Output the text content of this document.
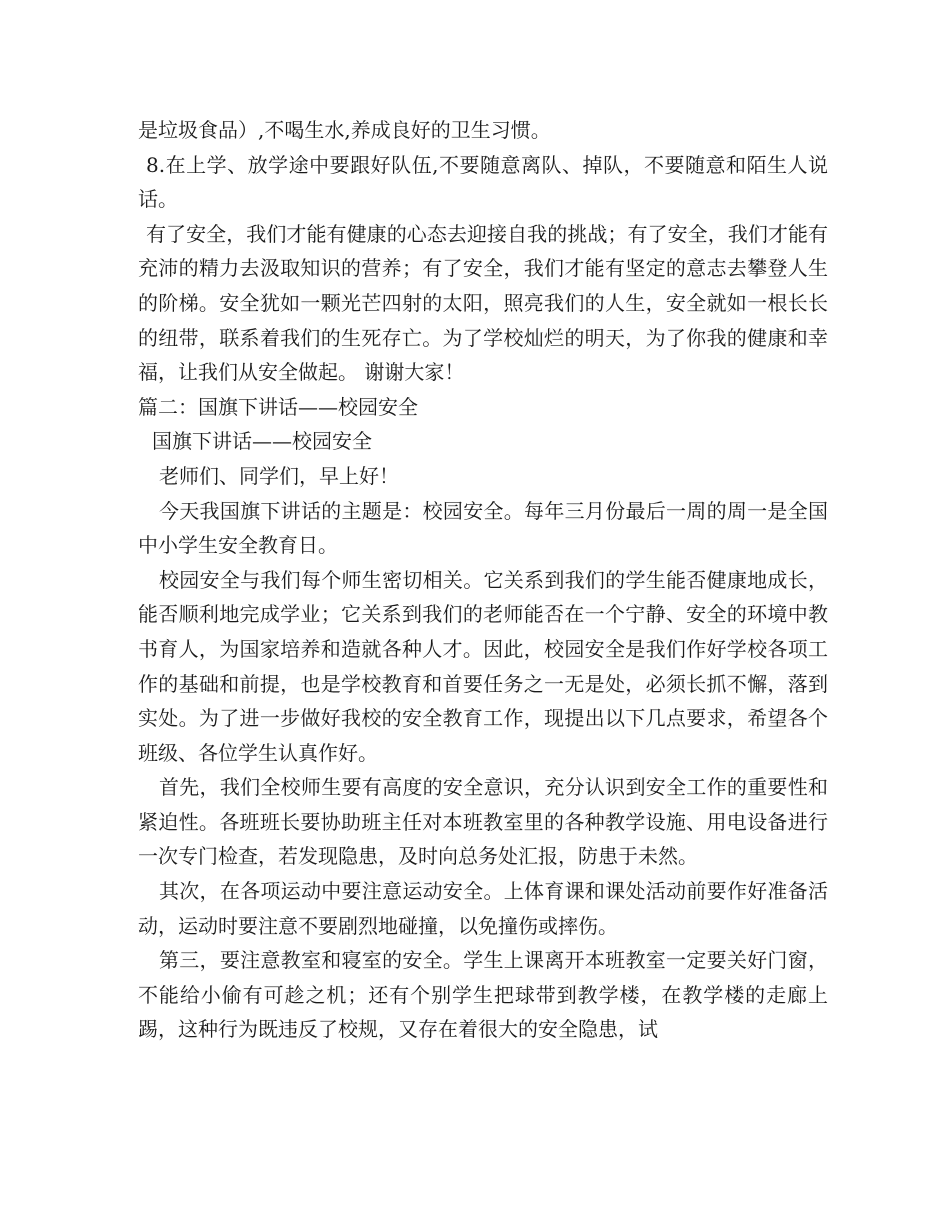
是垃圾食品）,不喝生水,养成良好的卫生习惯。

8.在上学、放学途中要跟好队伍,不要随意离队、掉队，不要随意和陌生人说话。

有了安全，我们才能有健康的心态去迎接自我的挑战；有了安全，我们才能有充沛的精力去汲取知识的营养；有了安全，我们才能有坚定的意志去攀登人生的阶梯。安全犹如一颗光芒四射的太阳，照亮我们的人生，安全就如一根长长的纽带，联系着我们的生死存亡。为了学校灿烂的明天，为了你我的健康和幸福，让我们从安全做起。 谢谢大家！

篇二：国旗下讲话——校园安全

国旗下讲话——校园安全

老师们、同学们，早上好！

今天我国旗下讲话的主题是：校园安全。每年三月份最后一周的周一是全国中小学生安全教育日。

校园安全与我们每个师生密切相关。它关系到我们的学生能否健康地成长，能否顺利地完成学业；它关系到我们的老师能否在一个宁静、安全的环境中教书育人，为国家培养和造就各种人才。因此，校园安全是我们作好学校各项工作的基础和前提，也是学校教育和首要任务之一无是处，必须长抓不懈，落到实处。为了进一步做好我校的安全教育工作，现提出以下几点要求，希望各个班级、各位学生认真作好。

首先，我们全校师生要有高度的安全意识，充分认识到安全工作的重要性和紧迫性。各班班长要协助班主任对本班教室里的各种教学设施、用电设备进行一次专门检查，若发现隐患，及时向总务处汇报，防患于未然。

其次，在各项运动中要注意运动安全。上体育课和课处活动前要作好准备活动，运动时要注意不要剧烈地碰撞，以免撞伤或摔伤。

第三，要注意教室和寝室的安全。学生上课离开本班教室一定要关好门窗，不能给小偷有可趁之机；还有个别学生把球带到教学楼，在教学楼的走廊上踢，这种行为既违反了校规，又存在着很大的安全隐患，试
